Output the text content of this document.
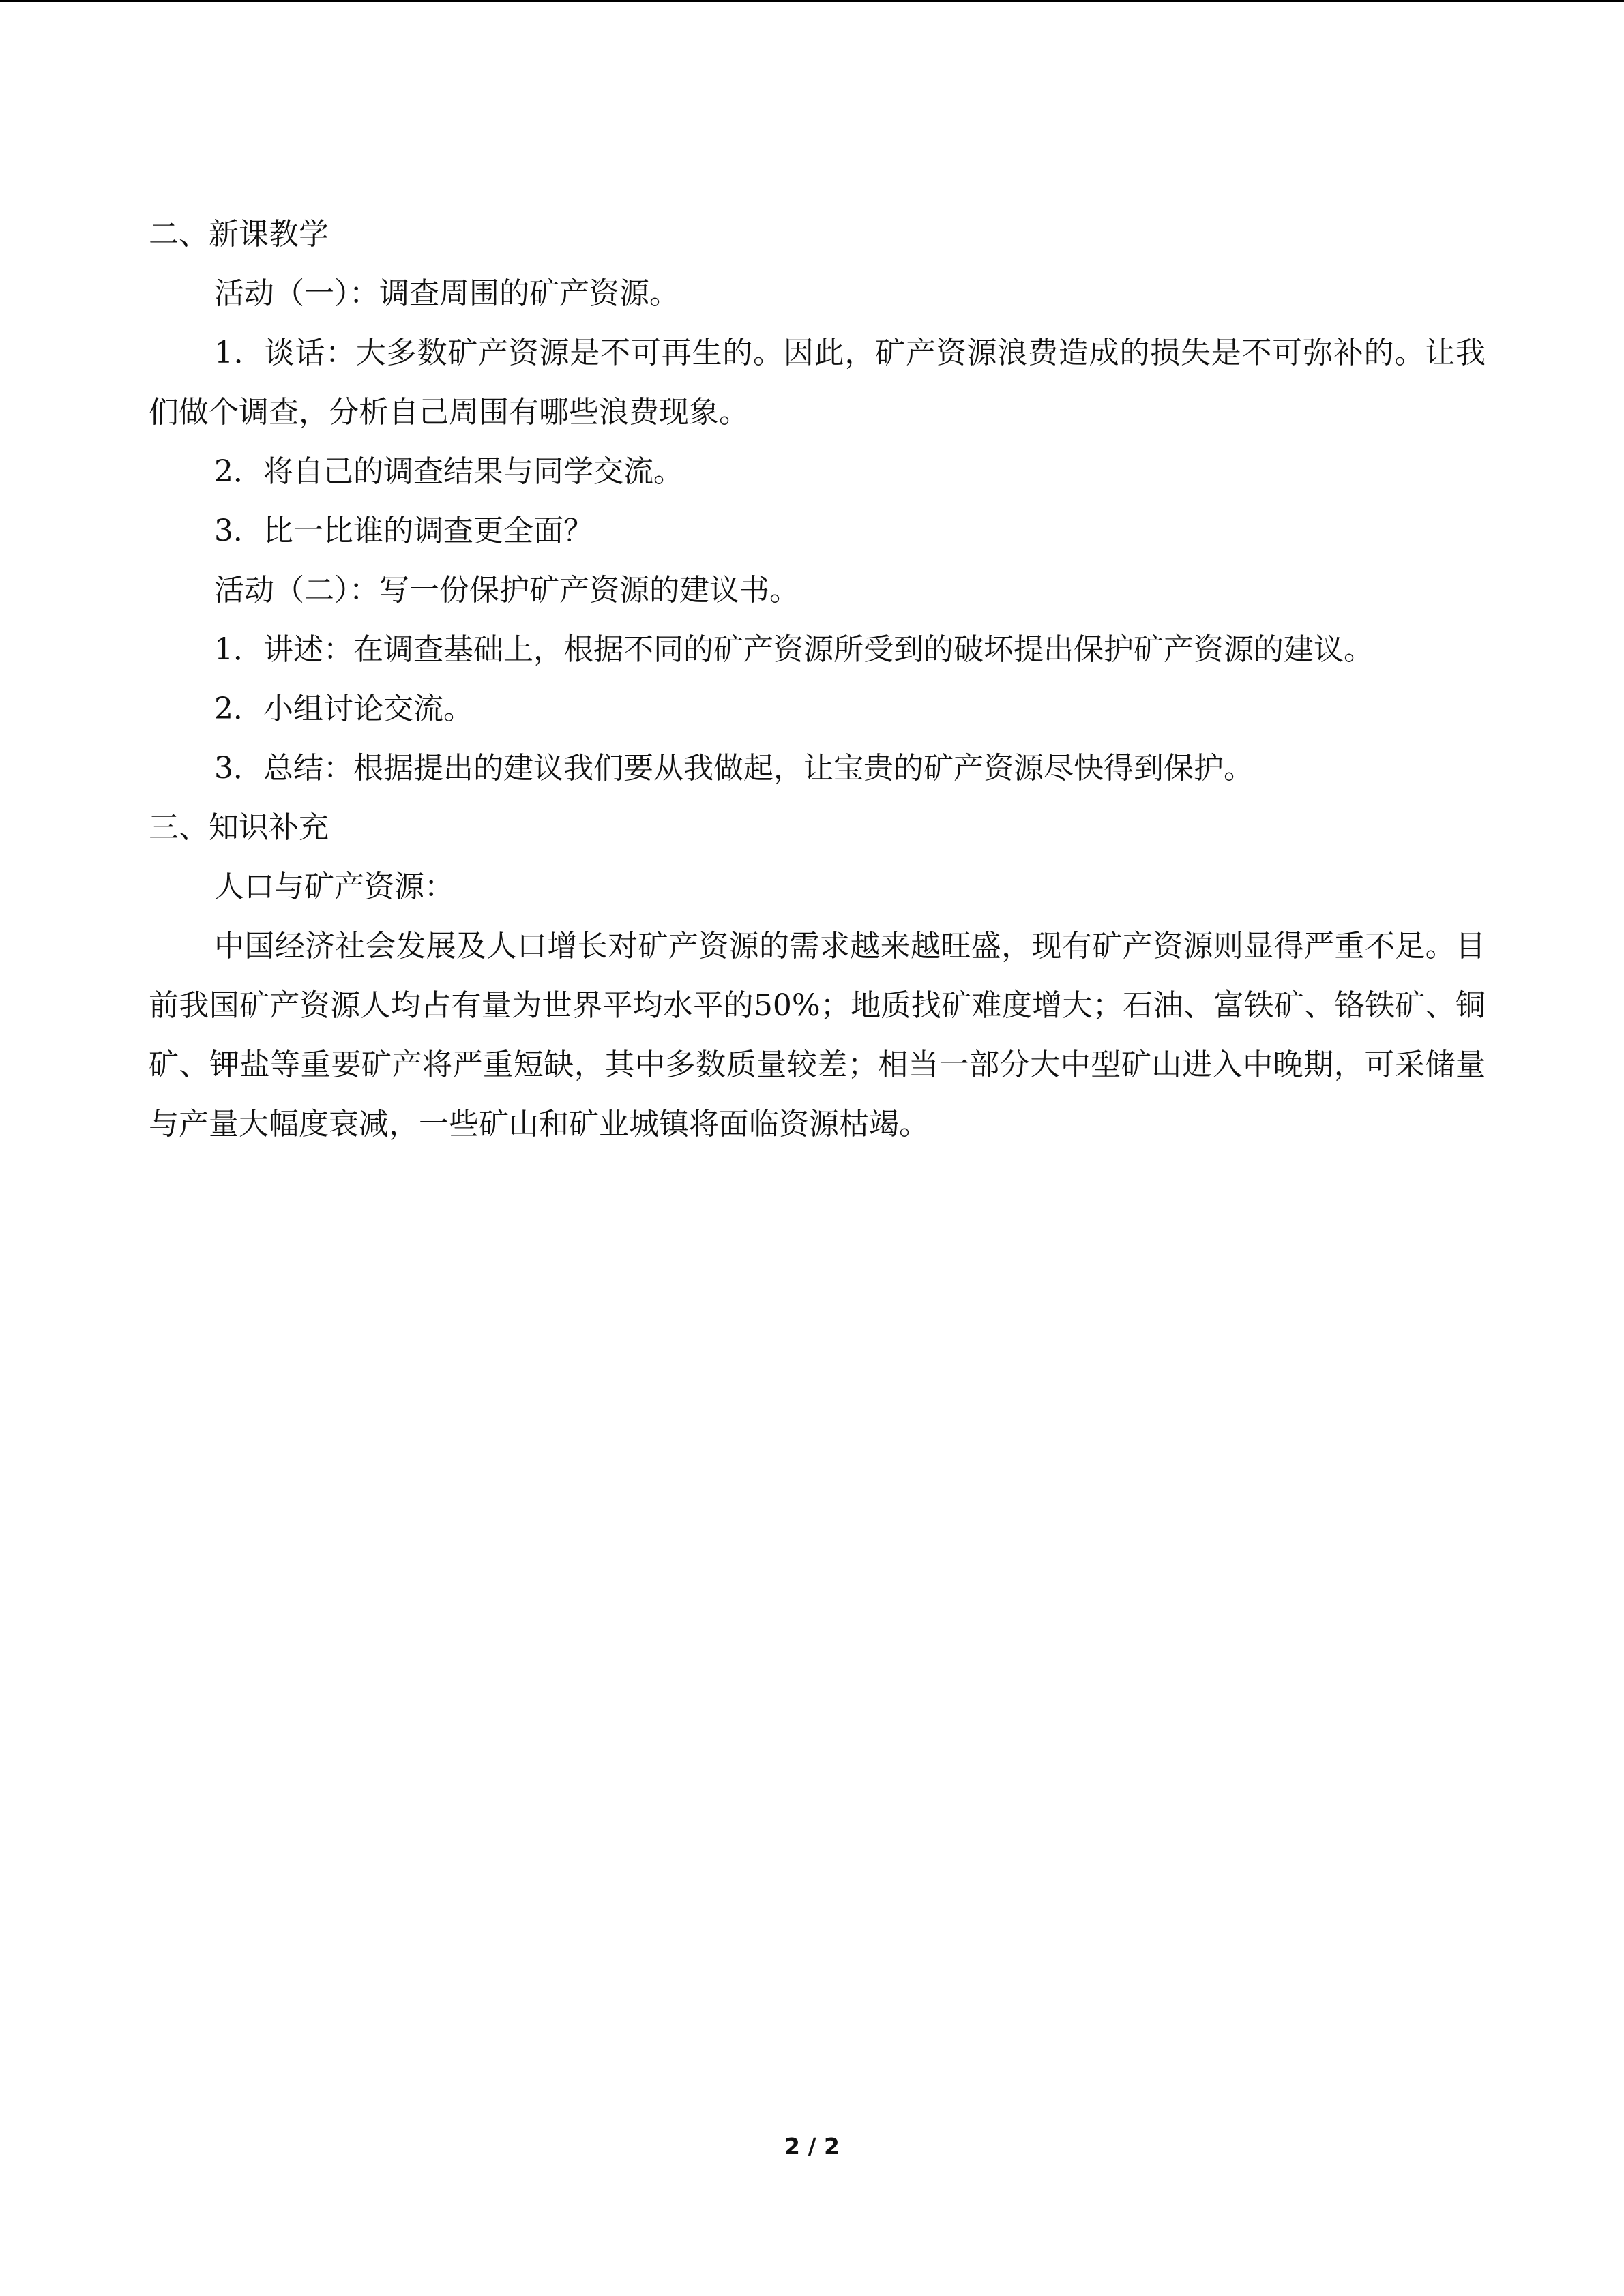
二、新课教学

活动（一）：调查周围的矿产资源。

1．谈话：大多数矿产资源是不可再生的。因此，矿产资源浪费造成的损失是不可弥补的。让我们做个调查，分析自己周围有哪些浪费现象。

2．将自己的调查结果与同学交流。

3．比一比谁的调查更全面？

活动（二）：写一份保护矿产资源的建议书。

1．讲述：在调查基础上，根据不同的矿产资源所受到的破坏提出保护矿产资源的建议。

2．小组讨论交流。

3．总结：根据提出的建议我们要从我做起，让宝贵的矿产资源尽快得到保护。

三、知识补充

人口与矿产资源：

中国经济社会发展及人口增长对矿产资源的需求越来越旺盛，现有矿产资源则显得严重不足。目前我国矿产资源人均占有量为世界平均水平的50%；地质找矿难度增大；石油、富铁矿、铬铁矿、铜矿、钾盐等重要矿产将严重短缺，其中多数质量较差；相当一部分大中型矿山进入中晚期，可采储量与产量大幅度衰减，一些矿山和矿业城镇将面临资源枯竭。

2 / 2
